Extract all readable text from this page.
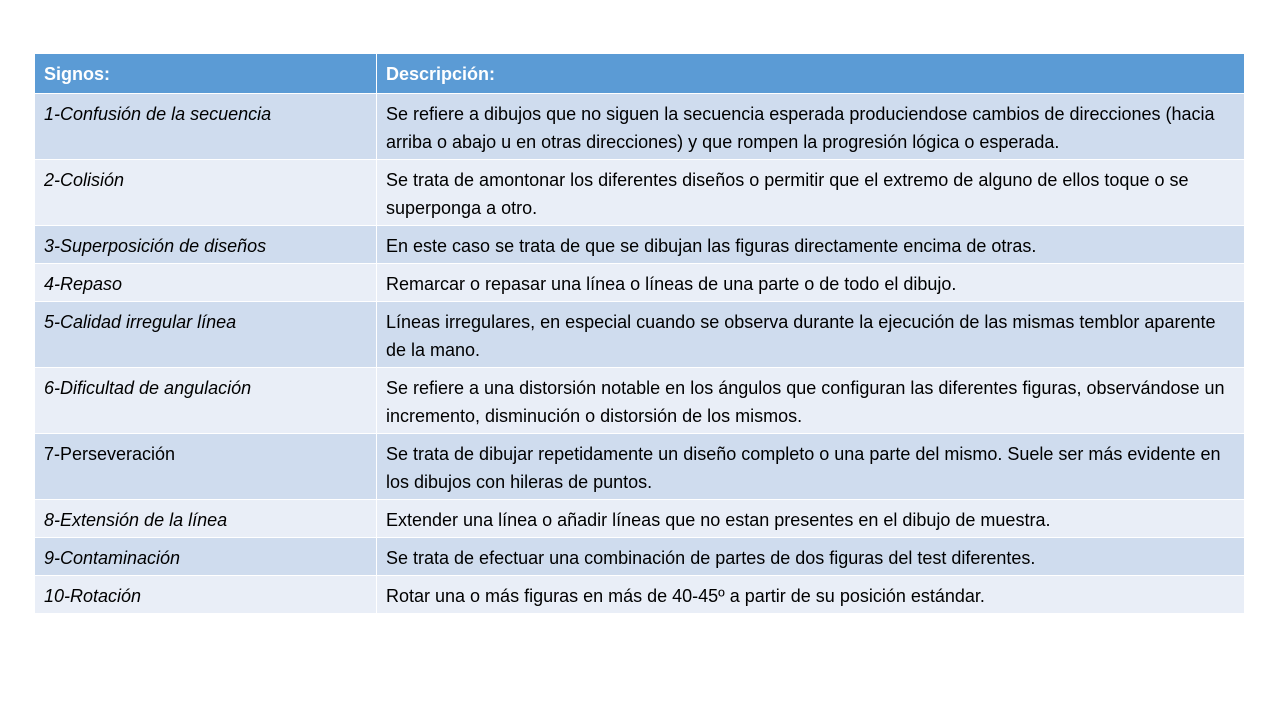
Signos:	Descripción:
1-Confusión de la secuencia	Se refiere a dibujos que no siguen la secuencia esperada produciendose cambios de direcciones (hacia arriba o abajo u en otras direcciones) y que rompen la progresión lógica o esperada.
2-Colisión	Se trata de amontonar los diferentes diseños o permitir que el extremo de alguno de ellos toque o se superponga a otro.
3-Superposición de diseños	En este caso se trata de que se dibujan las figuras directamente encima de otras.
4-Repaso	Remarcar o repasar una línea o líneas de una parte o de todo el dibujo.
5-Calidad irregular línea	Líneas irregulares, en especial cuando se observa durante la ejecución de las mismas temblor aparente de la mano.
6-Dificultad de angulación	Se refiere a una distorsión notable en los ángulos que configuran las diferentes figuras, observándose un incremento, disminución o distorsión de los mismos.
7-Perseveración	Se trata de dibujar repetidamente un diseño completo o una parte del mismo. Suele ser más evidente en los dibujos con hileras de puntos.
8-Extensión de la línea	Extender una línea o añadir líneas que no estan presentes en el dibujo de muestra.
9-Contaminación	Se trata de efectuar una combinación de partes de dos figuras del test diferentes.
10-Rotación	Rotar una o más figuras en más de 40-45º a partir de su posición estándar.
